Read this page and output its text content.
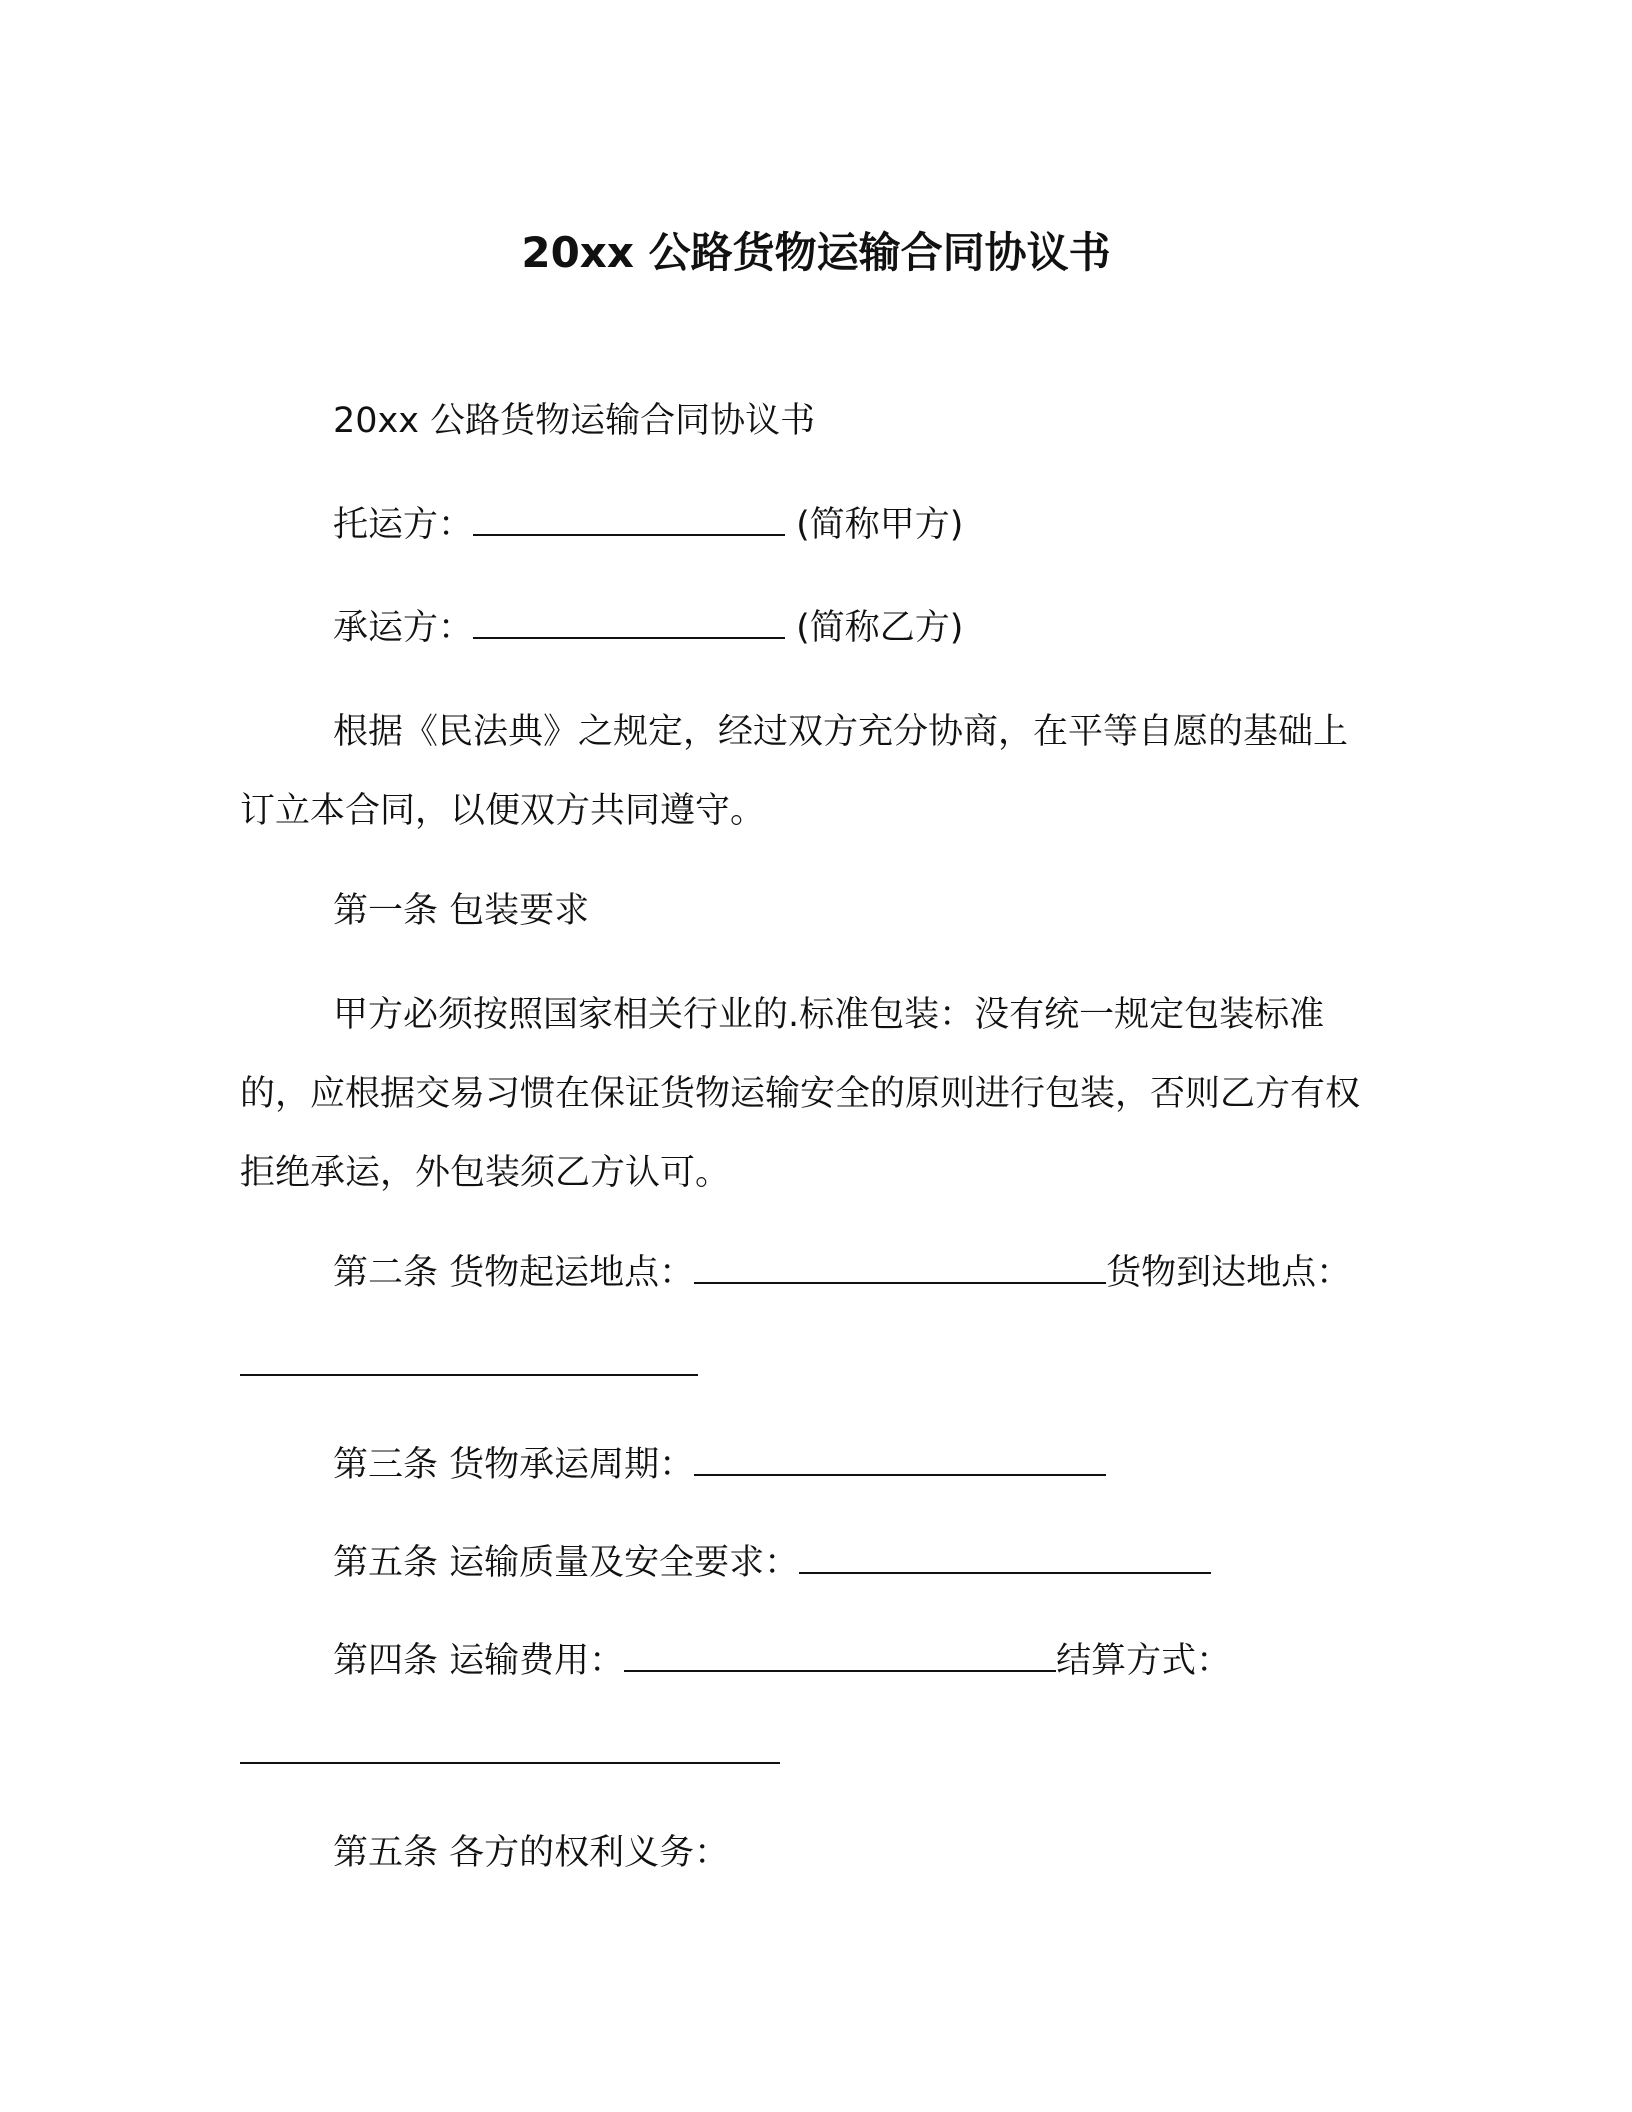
20xx 公路货物运输合同协议书
20xx 公路货物运输合同协议书
托运方：	(简称甲方)
承运方：	(简称乙方)
根据《民法典》之规定，经过双方充分协商，在平等自愿的基础上订立本合同，以便双方共同遵守。
第一条 包装要求
甲方必须按照国家相关行业的.标准包装：没有统一规定包装标准的，应根据交易习惯在保证货物运输安全的原则进行包装，否则乙方有权拒绝承运，外包装须乙方认可。
第二条 货物起运地点：	货物到达地点：
第三条 货物承运周期：
第五条 运输质量及安全要求：
第四条 运输费用：	结算方式：
第五条 各方的权利义务：
